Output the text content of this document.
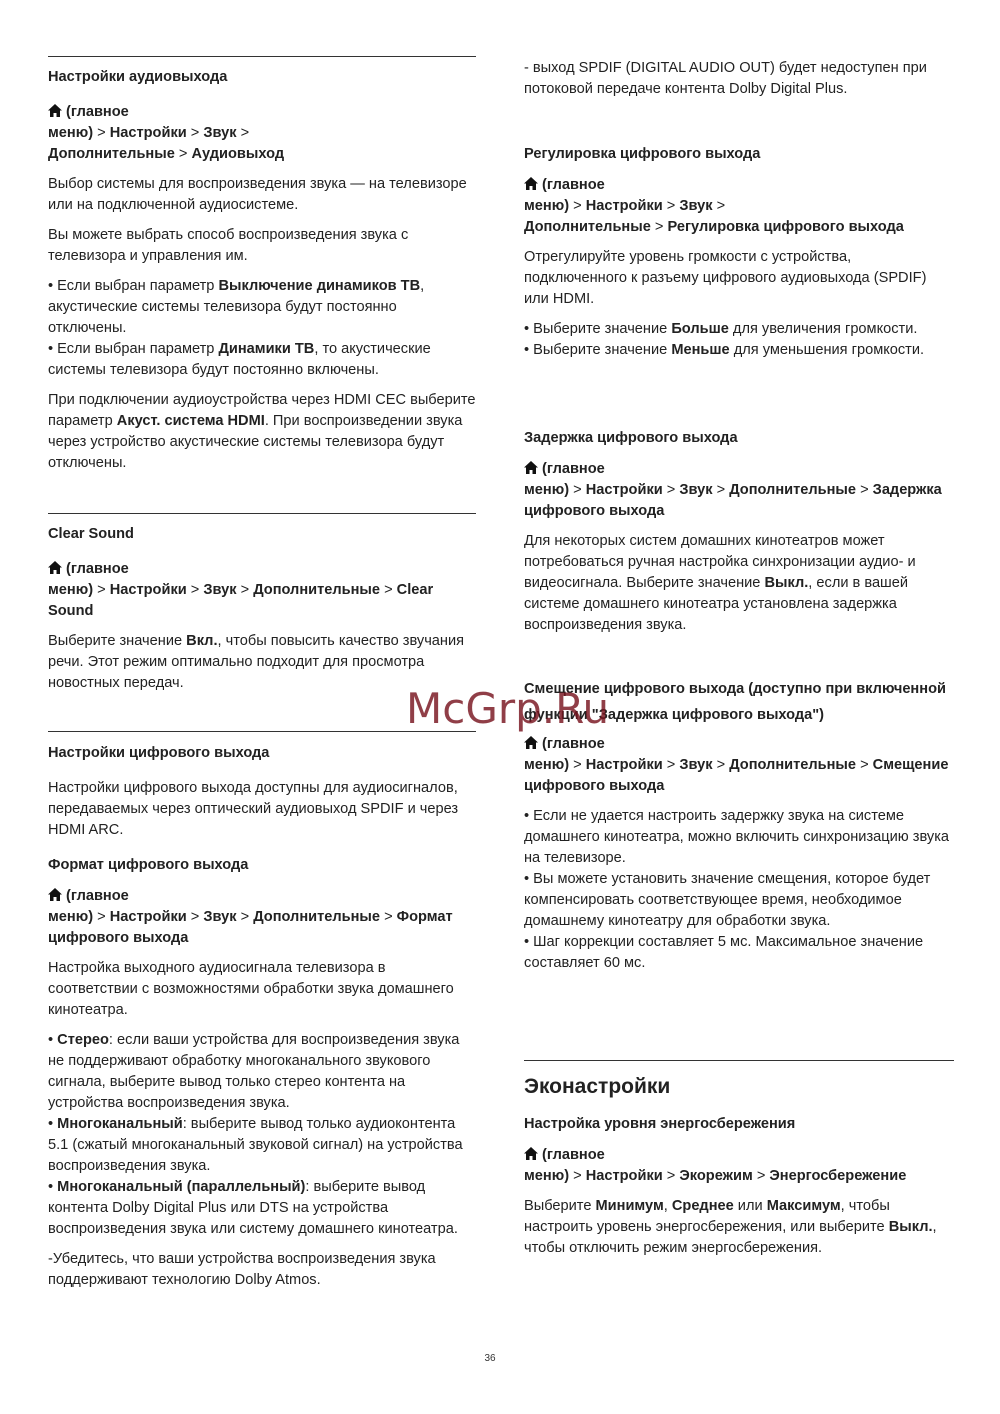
Настройки аудиовыхода
(главное
меню) > Настройки > Звук >
Дополнительные > Аудиовыход

Выбор системы для воспроизведения звука — на телевизоре или на подключенной аудиосистеме.

Вы можете выбрать способ воспроизведения звука с телевизора и управления им.

• Если выбран параметр Выключение динамиков ТВ, акустические системы телевизора будут постоянно отключены.

• Если выбран параметр Динамики ТВ, то акустические системы телевизора будут постоянно включены.

При подключении аудиоустройства через HDMI CEC выберите параметр Акуст. система HDMI. При воспроизведении звука через устройство акустические системы телевизора будут отключены.

Clear Sound
(главное
меню) > Настройки > Звук > Дополнительные > Clear
Sound

Выберите значение Вкл., чтобы повысить качество звучания речи. Этот режим оптимально подходит для просмотра новостных передач.

Настройки цифрового выхода

Настройки цифрового выхода доступны для аудиосигналов, передаваемых через оптический аудиовыход SPDIF и через HDMI ARC.

Формат цифрового выхода
(главное
меню) > Настройки > Звук > Дополнительные > Формат
цифрового выхода

Настройка выходного аудиосигнала телевизора в соответствии с возможностями обработки звука домашнего кинотеатра.

• Стерео: если ваши устройства для воспроизведения звука не поддерживают обработку многоканального звукового сигнала, выберите вывод только стерео контента на устройства воспроизведения звука.

• Многоканальный: выберите вывод только аудиоконтента 5.1 (сжатый многоканальный звуковой сигнал) на устройства воспроизведения звука.

• Многоканальный (параллельный): выберите вывод контента Dolby Digital Plus или DTS на устройства воспроизведения звука или систему домашнего кинотеатра.

-Убедитесь, что ваши устройства воспроизведения звука поддерживают технологию Dolby Atmos.

- выход SPDIF (DIGITAL AUDIO OUT) будет недоступен при потоковой передаче контента Dolby Digital Plus.

Регулировка цифрового выхода
(главное
меню) > Настройки > Звук >
Дополнительные > Регулировка цифрового выхода

Отрегулируйте уровень громкости с устройства, подключенного к разъему цифрового аудиовыхода (SPDIF) или HDMI.

• Выберите значение Больше для увеличения громкости.

• Выберите значение Меньше для уменьшения громкости.

Задержка цифрового выхода
(главное
меню) > Настройки > Звук > Дополнительные > Задержка
цифрового выхода

Для некоторых систем домашних кинотеатров может потребоваться ручная настройка синхронизации аудио- и видеосигнала. Выберите значение Выкл., если в вашей системе домашнего кинотеатра установлена задержка воспроизведения звука.

Смещение цифрового выхода (доступно при включенной функции "Задержка цифрового выхода")
(главное
меню) > Настройки > Звук > Дополнительные > Смещение
цифрового выхода

• Если не удается настроить задержку звука на системе домашнего кинотеатра, можно включить синхронизацию звука на телевизоре.

• Вы можете установить значение смещения, которое будет компенсировать соответствующее время, необходимое домашнему кинотеатру для обработки звука.

• Шаг коррекции составляет 5 мс. Максимальное значение составляет 60 мс.

Эконастройки
Настройка уровня энергосбережения
(главное
меню) > Настройки > Экорежим > Энергосбережение

Выберите Минимум, Среднее или Максимум, чтобы настроить уровень энергосбережения, или выберите Выкл., чтобы отключить режим энергосбережения.

McGrp.Ru
36
